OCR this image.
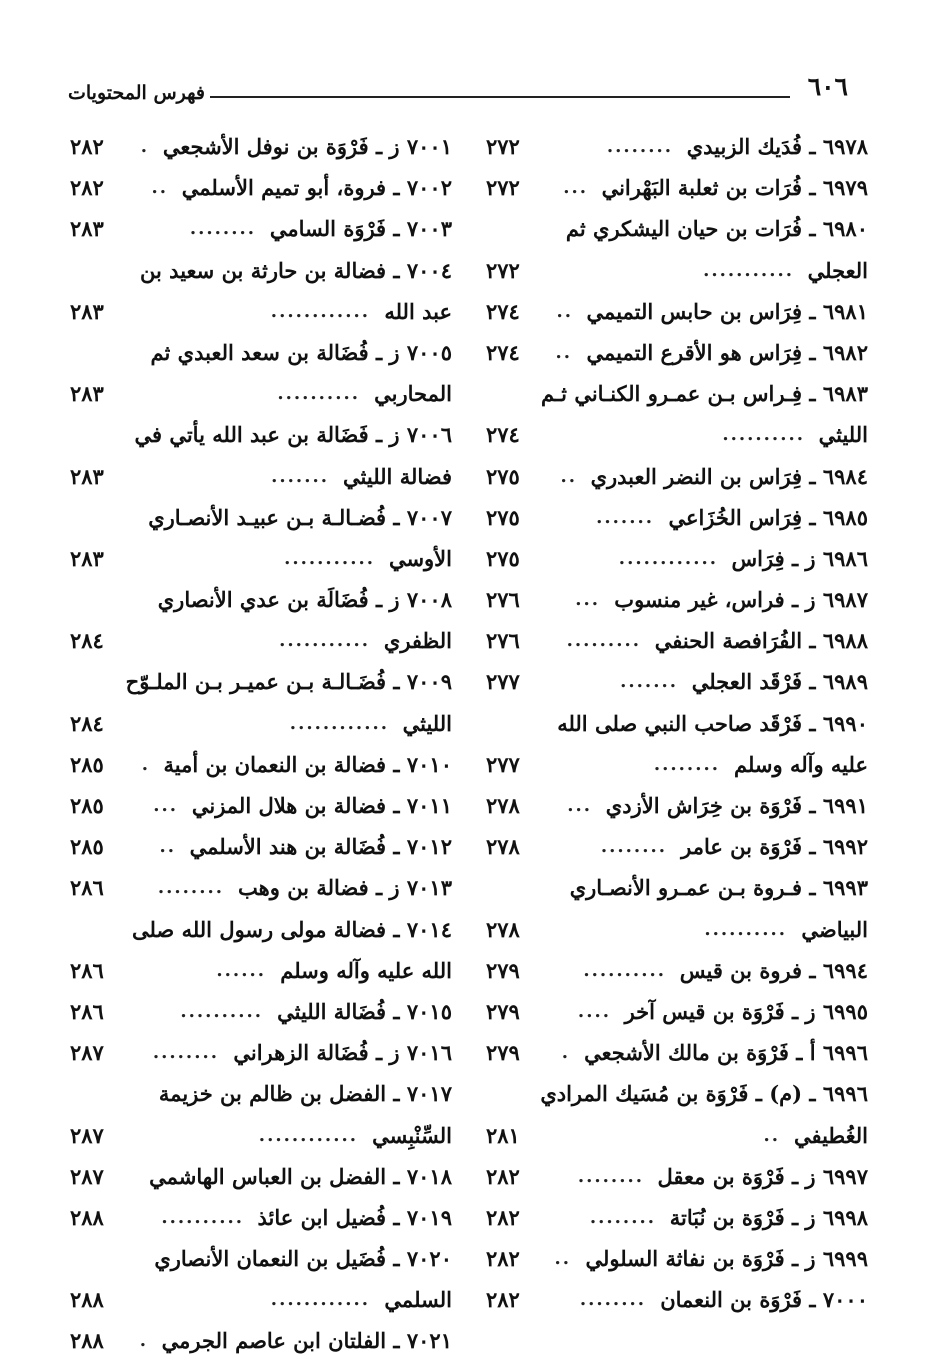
٦٠٦
فهرس المحتويات
٦٩٧٨ ـ فُدَيك الزبيدي
........
٢٧٢
٦٩٧٩ ـ فُرَات بن ثعلبة البَهْراني
...
٢٧٢
٦٩٨٠ ـ فُرَات بن حيان اليشكري ثم
العجلي
...........
٢٧٢
٦٩٨١ ـ فِرَاس بن حابس التميمي
..
٢٧٤
٦٩٨٢ ـ فِرَاس هو الأقرع التميمي
..
٢٧٤
٦٩٨٣ ـ فِـراس بـن عمـرو الكنـاني ثـم
الليثي
..........
٢٧٤
٦٩٨٤ ـ فِرَاس بن النضر العبدري
..
٢٧٥
٦٩٨٥ ـ فِرَاس الخُزَاعي
.......
٢٧٥
٦٩٨٦ ز ـ فِرَاس
............
٢٧٥
٦٩٨٧ ز ـ فراس، غير منسوب
...
٢٧٦
٦٩٨٨ ـ الفُرَافصة الحنفي
.........
٢٧٦
٦٩٨٩ ـ فَرْقَد العجلي
.......
٢٧٧
٦٩٩٠ ـ فَرْقَد صاحب النبي صلى الله
عليه وآله وسلم
........
٢٧٧
٦٩٩١ ـ فَرْوَة بن خِرَاش الأزدي
...
٢٧٨
٦٩٩٢ ـ فَرْوَة بن عامر
........
٢٧٨
٦٩٩٣ ـ فـروة بـن عمـرو الأنصـاري
البياضي
..........
٢٧٨
٦٩٩٤ ـ فروة بن قيس
..........
٢٧٩
٦٩٩٥ ز ـ فَرْوَة بن قيس آخر
....
٢٧٩
٦٩٩٦ أ ـ فَرْوَة بن مالك الأشجعي
.
٢٧٩
٦٩٩٦ ـ (م) ـ فَرْوَة بن مُسَيك المرادي
الغُطيفي
..
٢٨١
٦٩٩٧ ز ـ فَرْوَة بن معقل
........
٢٨٢
٦٩٩٨ ز ـ فَرْوَة بن نُبَاتة
........
٢٨٢
٦٩٩٩ ز ـ فَرْوَة بن نفاثة السلولي
..
٢٨٢
٧٠٠٠ ـ فَرْوَة بن النعمان
........
٢٨٢
٧٠٠١ ز ـ فَرْوَة بن نوفل الأشجعي
.
٢٨٢
٧٠٠٢ ـ فروة، أبو تميم الأسلمي
..
٢٨٢
٧٠٠٣ ـ فَرْوَة السامي
........
٢٨٣
٧٠٠٤ ـ فضالة بن حارثة بن سعيد بن
عبد الله
............
٢٨٣
٧٠٠٥ ز ـ فُضَالة بن سعد العبدي ثم
المحاربي
..........
٢٨٣
٧٠٠٦ ز ـ فَضَالة بن عبد الله يأتي في
فضالة الليثي
.......
٢٨٣
٧٠٠٧ ـ فُضـالـة بـن عبيـد الأنصـاري
الأوسي
...........
٢٨٣
٧٠٠٨ ز ـ فُضَالَة بن عدي الأنصاري
الظفري
...........
٢٨٤
٧٠٠٩ ـ فُضَـالـة بـن عميـر بـن الملـوّح
الليثي
............
٢٨٤
٧٠١٠ ـ فضالة بن النعمان بن أمية
.
٢٨٥
٧٠١١ ـ فضالة بن هلال المزني
...
٢٨٥
٧٠١٢ ـ فُضَالة بن هند الأسلمي
..
٢٨٥
٧٠١٣ ز ـ فضالة بن وهب
........
٢٨٦
٧٠١٤ ـ فضالة مولى رسول الله صلى
الله عليه وآله وسلم
......
٢٨٦
٧٠١٥ ـ فُضَالة الليثي
..........
٢٨٦
٧٠١٦ ز ـ فُضَالة الزهراني
........
٢٨٧
٧٠١٧ ـ الفضل بن ظالم بن خزيمة
السِّنْبِسي
............
٢٨٧
٧٠١٨ ـ الفضل بن العباس الهاشمي
٢٨٧
٧٠١٩ ـ فُضيل ابن عائذ
..........
٢٨٨
٧٠٢٠ ـ فُضَيل بن النعمان الأنصاري
السلمي
............
٢٨٨
٧٠٢١ ـ الفلتان ابن عاصم الجرمي
.
٢٨٨
